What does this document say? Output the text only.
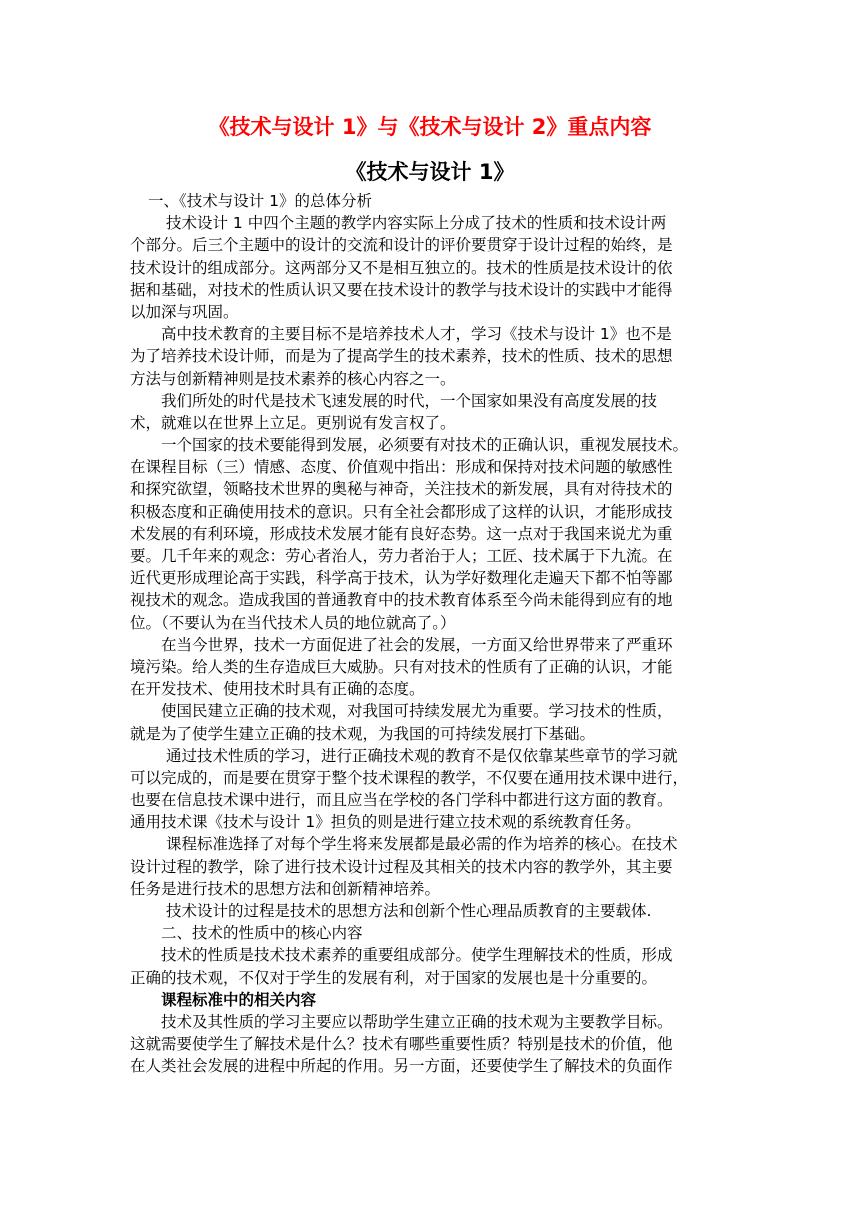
《技术与设计 1》与《技术与设计 2》重点内容
《技术与设计 1》
一、《技术与设计 1》的总体分析
技术设计 1 中四个主题的教学内容实际上分成了技术的性质和技术设计两
个部分。后三个主题中的设计的交流和设计的评价要贯穿于设计过程的始终，是
技术设计的组成部分。这两部分又不是相互独立的。技术的性质是技术设计的依
据和基础，对技术的性质认识又要在技术设计的教学与技术设计的实践中才能得
以加深与巩固。
高中技术教育的主要目标不是培养技术人才，学习《技术与设计 1》也不是
为了培养技术设计师，而是为了提高学生的技术素养，技术的性质、技术的思想
方法与创新精神则是技术素养的核心内容之一。
我们所处的时代是技术飞速发展的时代，一个国家如果没有高度发展的技
术，就难以在世界上立足。更别说有发言权了。
一个国家的技术要能得到发展，必须要有对技术的正确认识，重视发展技术。
在课程目标（三）情感、态度、价值观中指出：形成和保持对技术问题的敏感性
和探究欲望，领略技术世界的奥秘与神奇，关注技术的新发展，具有对待技术的
积极态度和正确使用技术的意识。只有全社会都形成了这样的认识，才能形成技
术发展的有利环境，形成技术发展才能有良好态势。这一点对于我国来说尤为重
要。几千年来的观念：劳心者治人，劳力者治于人；工匠、技术属于下九流。在
近代更形成理论高于实践，科学高于技术，认为学好数理化走遍天下都不怕等鄙
视技术的观念。造成我国的普通教育中的技术教育体系至今尚未能得到应有的地
位。（不要认为在当代技术人员的地位就高了。）
在当今世界，技术一方面促进了社会的发展，一方面又给世界带来了严重环
境污染。给人类的生存造成巨大威胁。只有对技术的性质有了正确的认识，才能
在开发技术、使用技术时具有正确的态度。
使国民建立正确的技术观，对我国可持续发展尤为重要。学习技术的性质，
就是为了使学生建立正确的技术观，为我国的可持续发展打下基础。
通过技术性质的学习，进行正确技术观的教育不是仅依靠某些章节的学习就
可以完成的，而是要在贯穿于整个技术课程的教学，不仅要在通用技术课中进行，
也要在信息技术课中进行，而且应当在学校的各门学科中都进行这方面的教育。
通用技术课《技术与设计 1》担负的则是进行建立技术观的系统教育任务。
课程标准选择了对每个学生将来发展都是最必需的作为培养的核心。在技术
设计过程的教学，除了进行技术设计过程及其相关的技术内容的教学外，其主要
任务是进行技术的思想方法和创新精神培养。
技术设计的过程是技术的思想方法和创新个性心理品质教育的主要载体.
二、技术的性质中的核心内容
技术的性质是技术技术素养的重要组成部分。使学生理解技术的性质，形成
正确的技术观，不仅对于学生的发展有利，对于国家的发展也是十分重要的。
课程标准中的相关内容
技术及其性质的学习主要应以帮助学生建立正确的技术观为主要教学目标。
这就需要使学生了解技术是什么？技术有哪些重要性质？特别是技术的价值，他
在人类社会发展的进程中所起的作用。另一方面，还要使学生了解技术的负面作
